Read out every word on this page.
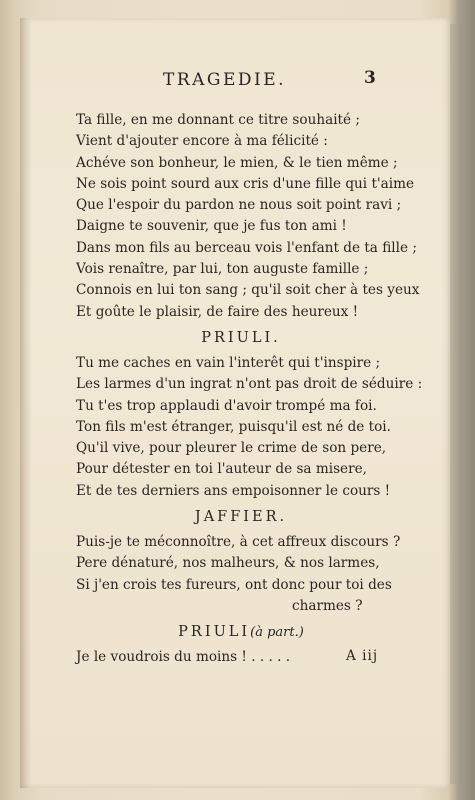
TRAGEDIE.	3
Ta fille, en me donnant ce titre souhaité ;
Vient d'ajouter encore à ma félicité :
Achéve son bonheur, le mien, & le tien même ;
Ne sois point sourd aux cris d'une fille qui t'aime
Que l'espoir du pardon ne nous soit point ravi ;
Daigne te souvenir, que je fus ton ami !
Dans mon fils au berceau vois l'enfant de ta fille ;
Vois renaître, par lui, ton auguste famille ;
Connois en lui ton sang ; qu'il soit cher à tes yeux
Et goûte le plaisir, de faire des heureux !
PRIULI.
Tu me caches en vain l'interêt qui t'inspire ;
Les larmes d'un ingrat n'ont pas droit de séduire :
Tu t'es trop applaudi d'avoir trompé ma foi.
Ton fils m'est étranger, puisqu'il est né de toi.
Qu'il vive, pour pleurer le crime de son pere,
Pour détester en toi l'auteur de sa misere,
Et de tes derniers ans empoisonner le cours !
JAFFIER.
Puis-je te méconnoître, à cet affreux discours ?
Pere dénaturé, nos malheurs, & nos larmes,
Si j'en crois tes fureurs, ont donc pour toi des
charmes ?
PRIULI(à part.)
Je le voudrois du moins ! . . . . .	A iij
